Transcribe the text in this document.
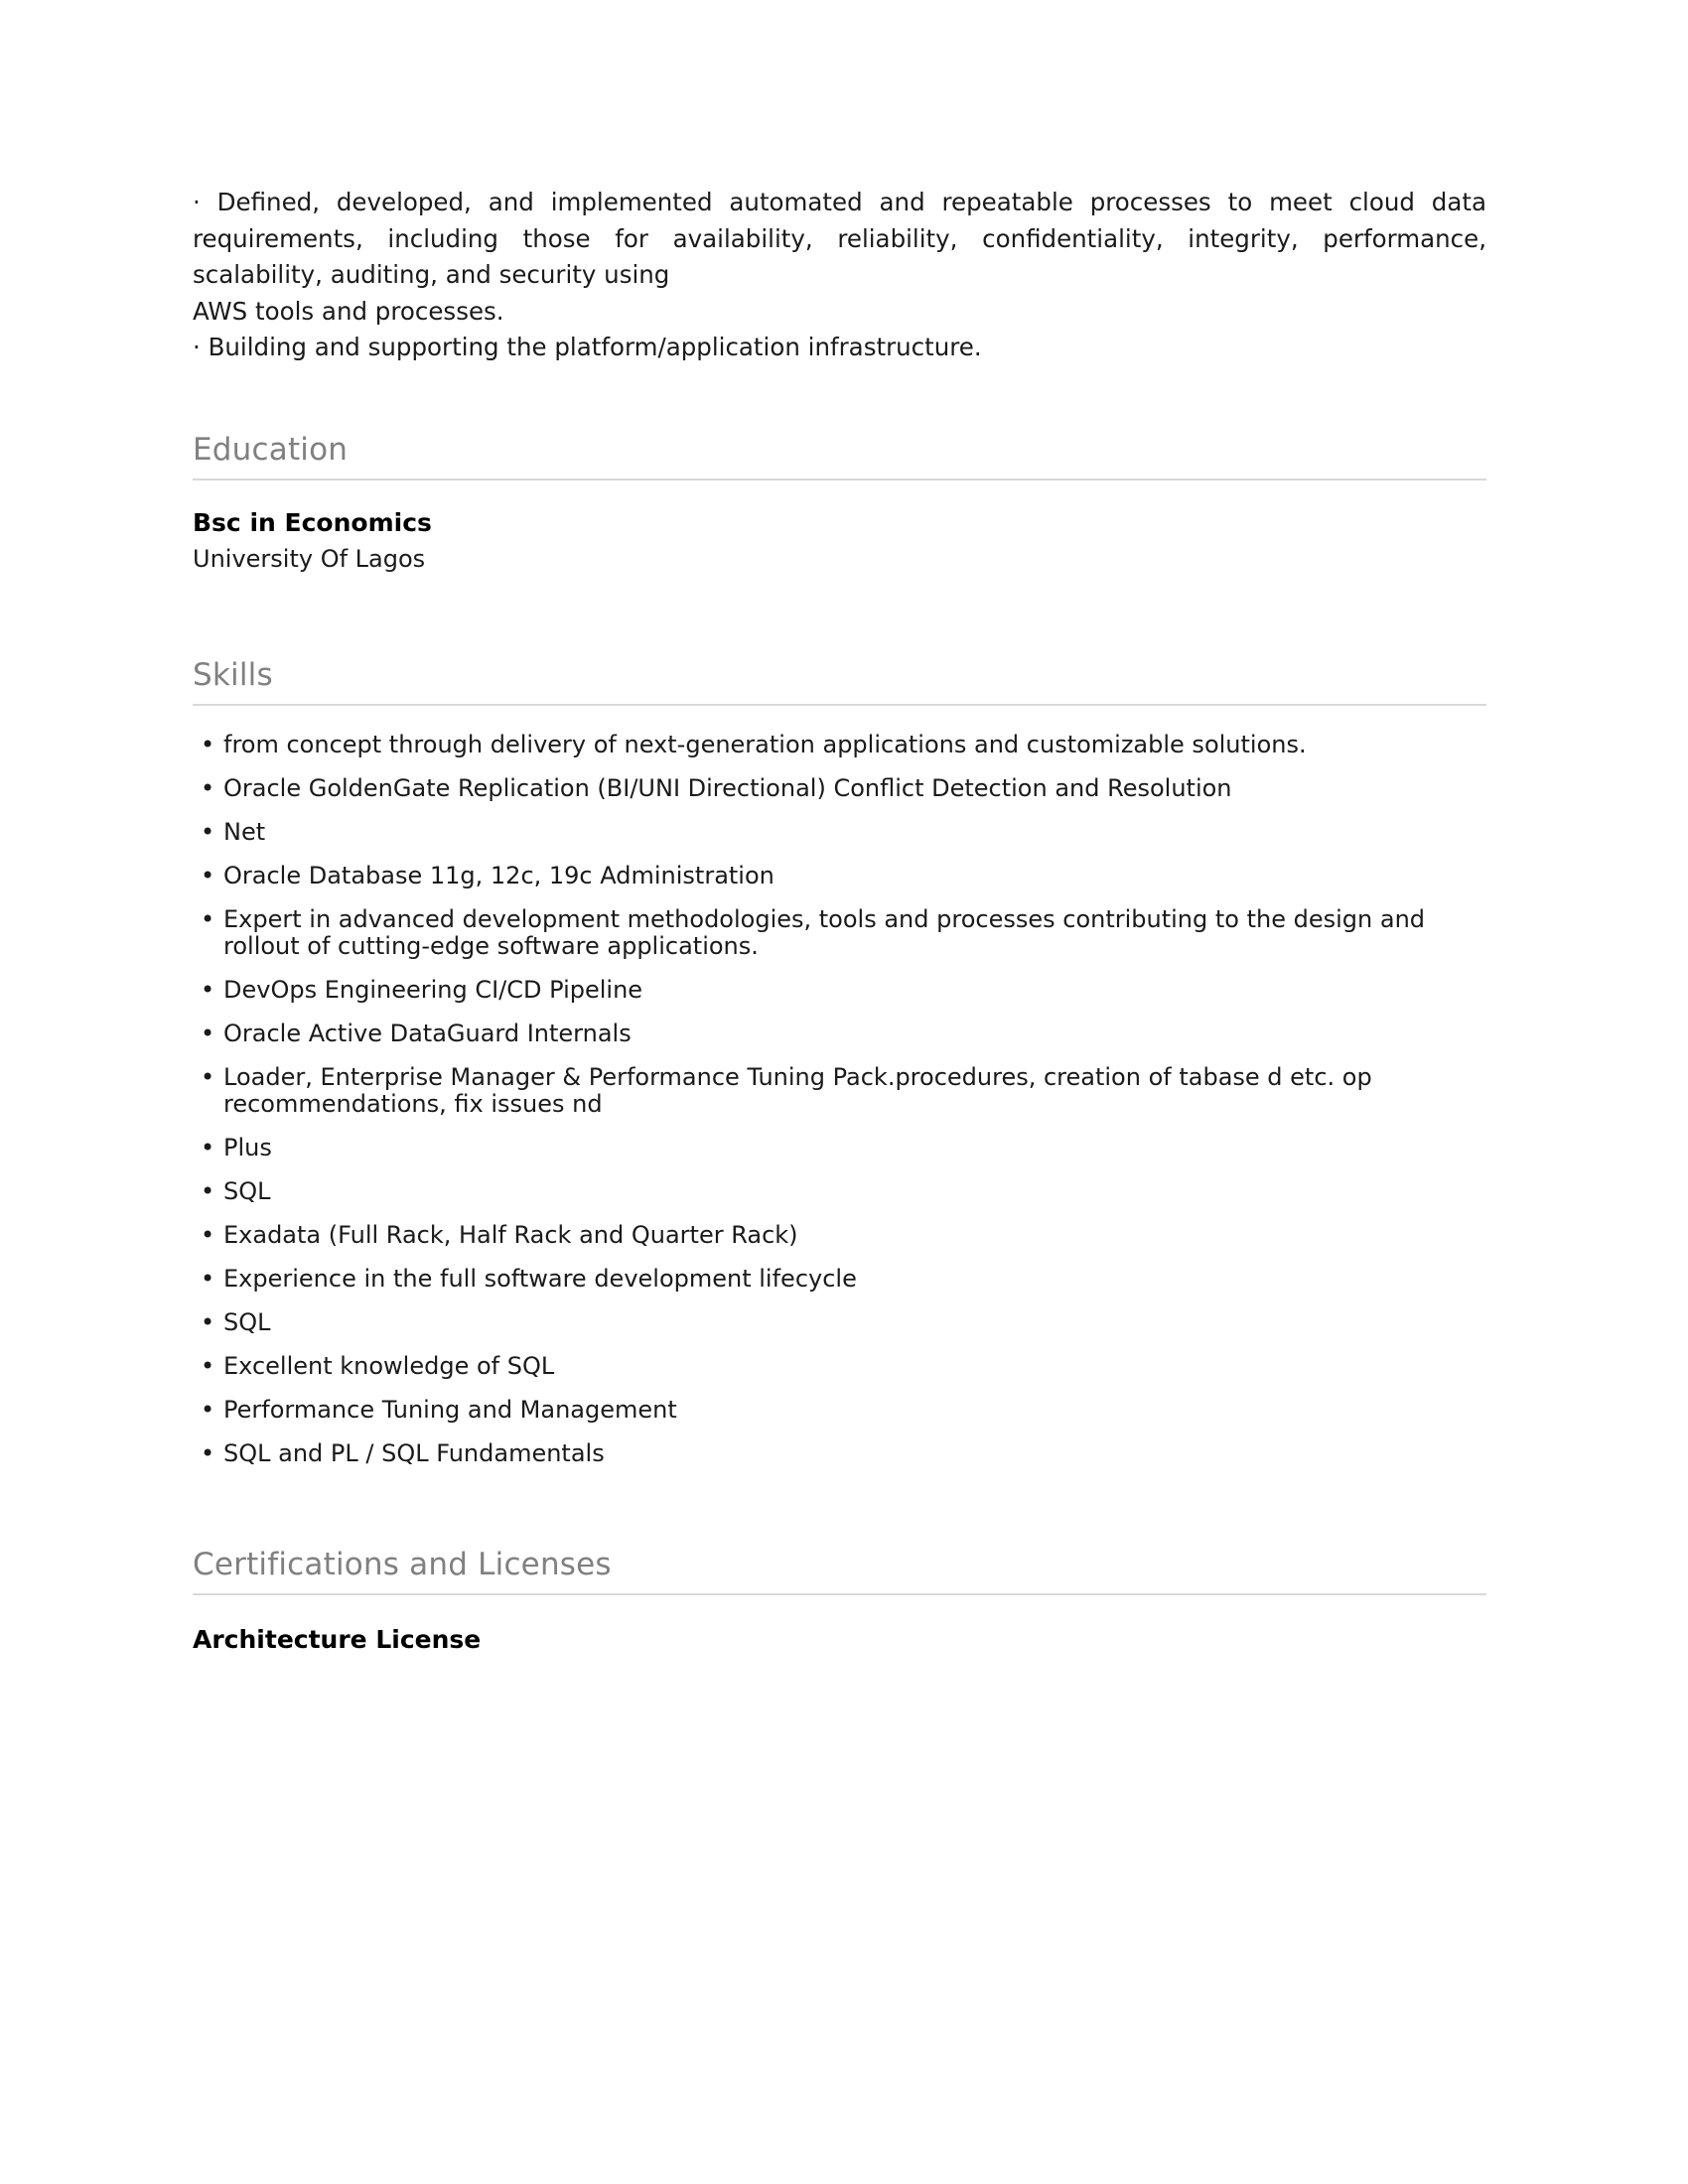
· Defined, developed, and implemented automated and repeatable processes to meet cloud data requirements, including those for availability, reliability, confidentiality, integrity, performance, scalability, auditing, and security using

AWS tools and processes.

· Building and supporting the platform/application infrastructure.

Education
Bsc in Economics
University Of Lagos
Skills
• from concept through delivery of next-generation applications and customizable solutions.
• Oracle GoldenGate Replication (BI/UNI Directional) Conflict Detection and Resolution
• Net
• Oracle Database 11g, 12c, 19c Administration
• Expert in advanced development methodologies, tools and processes contributing to the design and rollout of cutting-edge software applications.
• DevOps Engineering CI/CD Pipeline
• Oracle Active DataGuard Internals
• Loader, Enterprise Manager & Performance Tuning Pack.procedures, creation of tabase d etc. op recommendations, fix issues nd
• Plus
• SQL
• Exadata (Full Rack, Half Rack and Quarter Rack)
• Experience in the full software development lifecycle
• SQL
• Excellent knowledge of SQL
• Performance Tuning and Management
• SQL and PL / SQL Fundamentals
Certifications and Licenses
Architecture License
